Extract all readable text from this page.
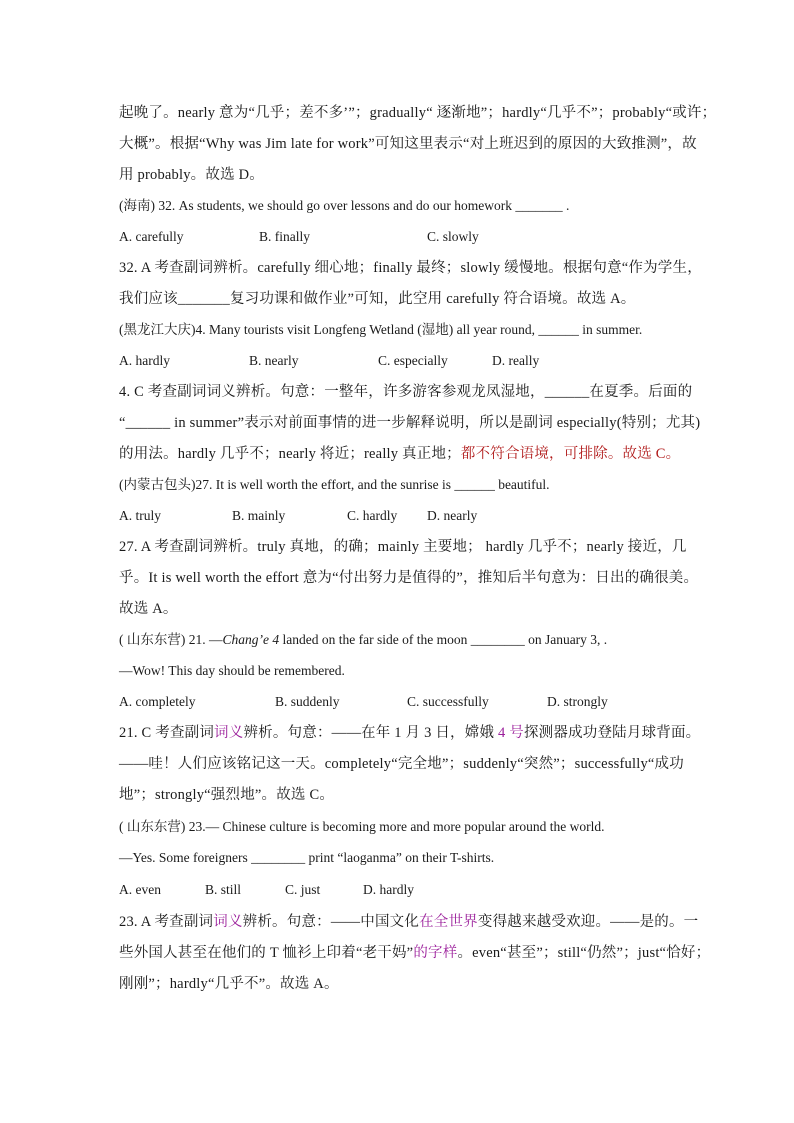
起晚了。nearly 意为“几乎；差不多’”；gradually“ 逐渐地”；hardly“几乎不”；probably“或许；
大概”。根据“Why was Jim late for work”可知这里表示“对上班迟到的原因的大致推测”，故
用 probably。故选 D。
(海南) 32. As students, we should go over lessons and do our homework _______ .
A. carefully	B. finally	C. slowly
32. A 考查副词辨析。carefully 细心地；finally 最终；slowly 缓慢地。根据句意“作为学生，
我们应该_______复习功课和做作业”可知，此空用 carefully 符合语境。故选 A。
(黑龙江大庆)4. Many tourists visit Longfeng Wetland (湿地) all year round, ______ in summer.
A. hardly	B. nearly	C. especially	D. really
4. C 考查副词词义辨析。句意：一整年，许多游客参观龙凤湿地，______在夏季。后面的
“______ in summer”表示对前面事情的进一步解释说明，所以是副词 especially(特别；尤其)
的用法。hardly 几乎不；nearly 将近；really 真正地；都不符合语境，可排除。故选 C。
(内蒙古包头)27. It is well worth the effort, and the sunrise is ______ beautiful.
A. truly	B. mainly	C. hardly D. nearly
27. A 考查副词辨析。truly 真地，的确；mainly 主要地； hardly 几乎不；nearly 接近，几
乎。It is well worth the effort 意为“付出努力是值得的”，推知后半句意为：日出的确很美。
故选 A。
( 山东东营) 21. —Chang’e 4 landed on the far side of the moon ________ on January 3, .
—Wow! This day should be remembered.
A. completely	B. suddenly	C. successfully	D. strongly
21. C 考查副词词义辨析。句意：——在年 1 月 3 日，嫦娥 4 号探测器成功登陆月球背面。
——哇！人们应该铭记这一天。completely“完全地”；suddenly“突然”；successfully“成功
地”；strongly“强烈地”。故选 C。
( 山东东营) 23.— Chinese culture is becoming more and more popular around the world.
—Yes. Some foreigners ________ print “laoganma” on their T-shirts.
A. even	B. still	C. just	D. hardly
23. A 考查副词词义辨析。句意：——中国文化在全世界变得越来越受欢迎。——是的。一
些外国人甚至在他们的 T 恤衫上印着“老干妈”的字样。even“甚至”；still“仍然”；just“恰好；
刚刚”；hardly“几乎不”。故选 A。
